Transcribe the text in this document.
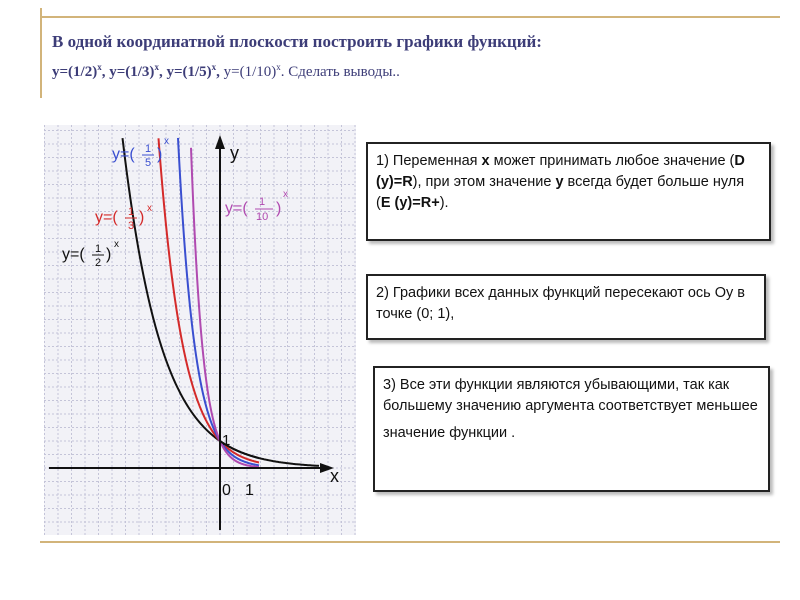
В одной координатной плоскости построить графики функций:
$y=(1/2)^x$, $y=(1/3)^x$, $y=(1/5)^x$, $y=(1/10)^x$. Сделать выводы..
y
x
0 1
1
y=( 1
2 )
x
y=( 1
3 )
x
y=( 1
5 )
x
y=( 1
10 )
x
1) Переменная х может принимать любое значение (D (y)=R), при этом значение у всегда будет больше нуля (Е (y)=R+).
2) Графики всех данных функций пересекают ось Оу в точке (0; 1),
3) Все эти функции являются убывающими, так как большему значению аргумента соответствует меньшее
значение функции .
